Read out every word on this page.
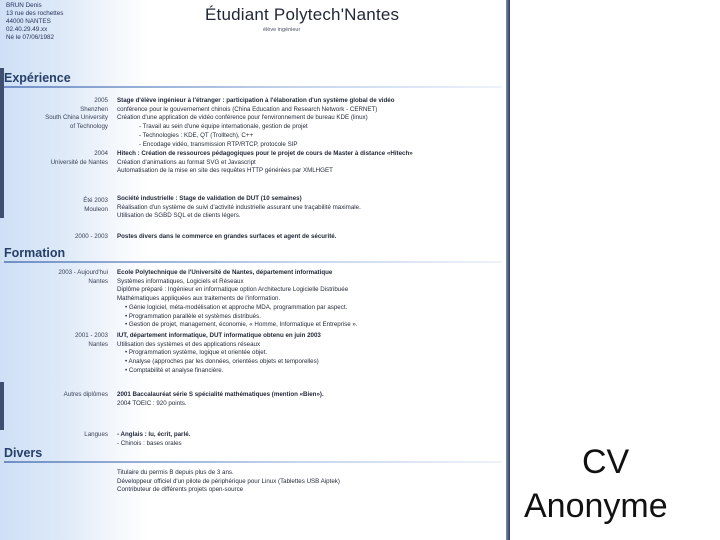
BRUN Denis
13 rue des rochettes
44000 NANTES
02.40.29.49.xx
Né le 07/06/1982
Étudiant Polytech'Nantes
élève ingénieur
Expérience
Formation
Divers
2005
Shenzhen
South China University
of Technology
Stage d'élève ingénieur à l'étranger : participation à l'élaboration d'un système global de vidéo
conférence pour le gouvernement chinois (China Education and Research Network - CERNET)
Création d'une application de vidéo conférence pour l'environnement de bureau KDE (linux)
- Travail au sein d'une équipe internationale, gestion de projet
- Technologies : KDE, QT (Trolltech), C++
- Encodage vidéo, transmission RTP/RTCP, protocole SIP
2004
Université de Nantes
Hitech : Création de ressources pédagogiques pour le projet de cours de Master à distance «Hitech»
Création d'animations au format SVG et Javascript
Automatisation de la mise en site des requêtes HTTP générées par XMLHGET
Été 2003
Mouleon
Société industrielle : Stage de validation de DUT (10 semaines)
Réalisation d'un système de suivi d'activité industrielle assurant une traçabilité maximale.
Utilisation de SGBD SQL et de clients légers.
2000 - 2003 Postes divers dans le commerce en grandes surfaces et agent de sécurité.
2003 - Aujourd'hui
Nantes
École Polytechnique de l'Université de Nantes, département informatique
Systèmes informatiques, Logiciels et Réseaux
Diplôme préparé : Ingénieur en informatique option Architecture Logicielle Distribuée
Mathématiques appliquées aux traitements de l'information.
• Génie logiciel, méta-modélisation et approche MDA, programmation par aspect.
• Programmation parallèle et systèmes distribués.
• Gestion de projet, management, économie, « Homme, Informatique et Entreprise ».
2001 - 2003
Nantes
IUT, département informatique, DUT informatique obtenu en juin 2003
Utilisation des systèmes et des applications réseaux
• Programmation système, logique et orientée objet.
• Analyse (approches par les données, orientées objets et temporelles)
• Comptabilité et analyse financière.
Autres diplômes 2001 Baccalauréat série S spécialité mathématiques (mention «Bien»).
2004 TOEIC : 920 points.
Langues - Anglais : lu, écrit, parlé.
- Chinois : bases orales
Titulaire du permis B depuis plus de 3 ans.
Développeur officiel d'un pilote de périphérique pour Linux (Tablettes USB Aiptek)
Contributeur de différents projets open-source
CV
Anonyme
